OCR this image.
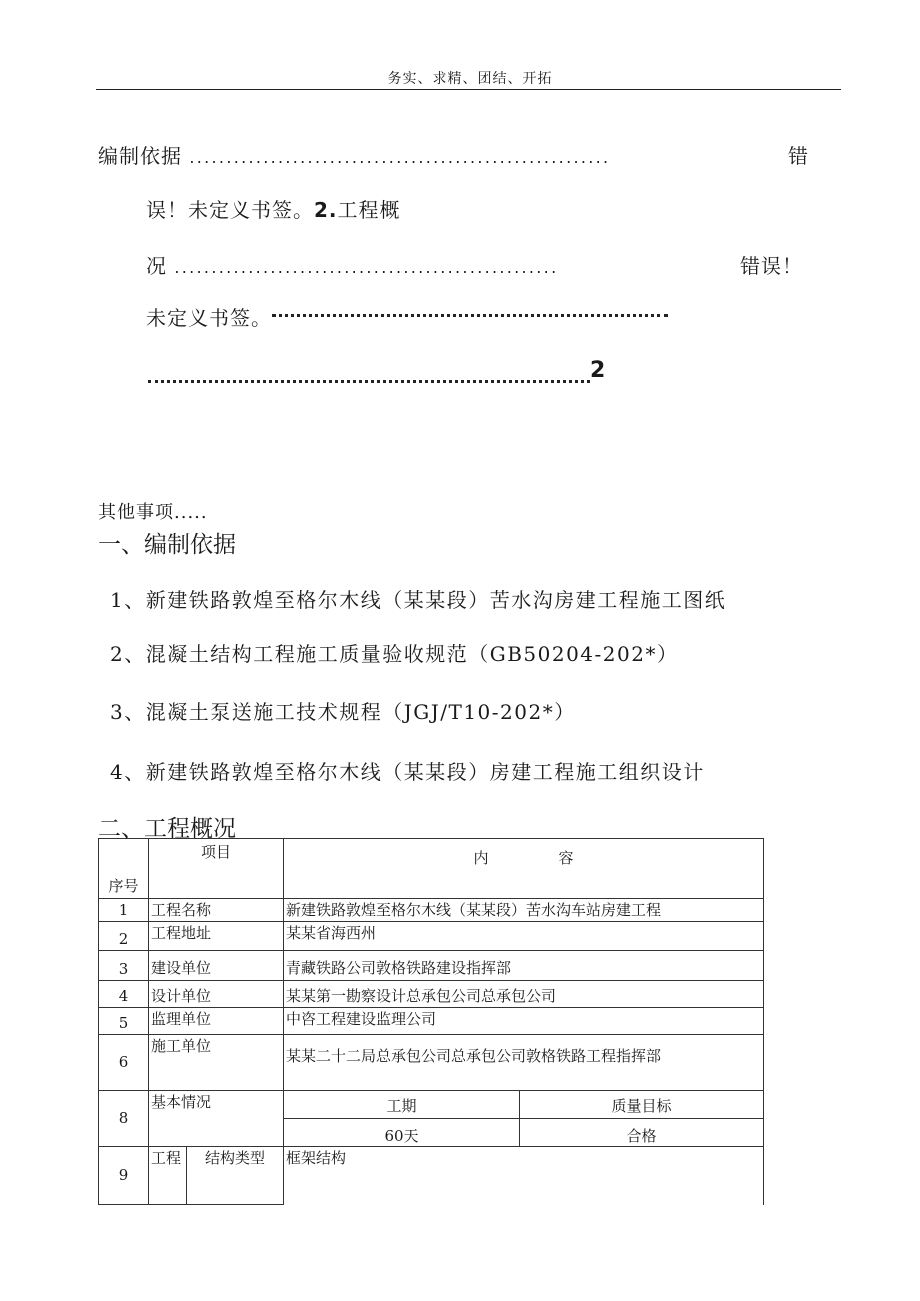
务实、求精、团结、开拓
编制依据 .........................................................	错
误！未定义书签。2.工程概
况 ....................................................	错误！
未定义书签。
2
其他事项.....
一、编制依据
1、新建铁路敦煌至格尔木线（某某段）苦水沟房建工程施工图纸
2、混凝土结构工程施工质量验收规范（GB50204-202*）
3、混凝土泵送施工技术规程（JGJ/T10-202*）
4、新建铁路敦煌至格尔木线（某某段）房建工程施工组织设计
二、工程概况
序号	项目		内 容	
1	工程名称		新建铁路敦煌至格尔木线（某某段）苦水沟车站房建工程	
2	工程地址		某某省海西州	
3	建设单位		青藏铁路公司敦格铁路建设指挥部	
4	设计单位		某某第一勘察设计总承包公司总承包公司	
5	监理单位		中咨工程建设监理公司	
6	施工单位		某某二十二局总承包公司总承包公司敦格铁路工程指挥部	
8	基本情况		工期	质量目标
			60天	合格
9	工程	结构类型	框架结构	
